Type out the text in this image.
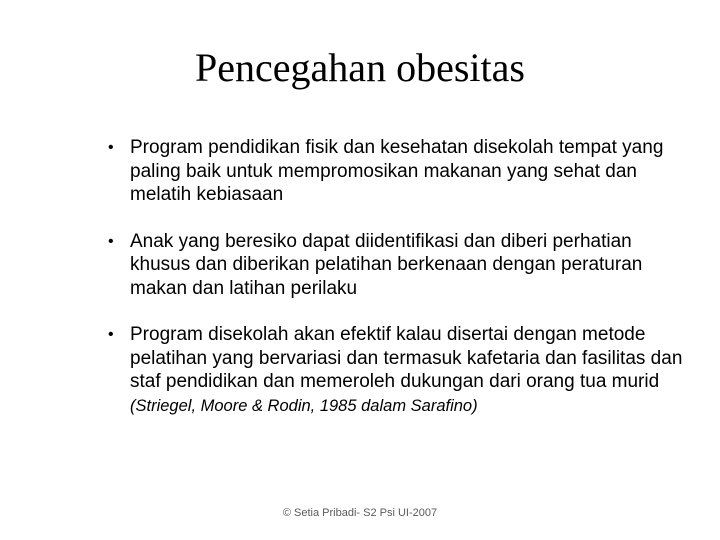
Pencegahan obesitas
• Program pendidikan fisik dan kesehatan disekolah tempat yang paling baik untuk mempromosikan makanan yang sehat dan melatih kebiasaan
• Anak yang beresiko dapat diidentifikasi dan diberi perhatian khusus dan diberikan pelatihan berkenaan dengan peraturan makan dan latihan perilaku
• Program disekolah akan efektif kalau disertai dengan metode pelatihan yang bervariasi dan termasuk kafetaria dan fasilitas dan staf pendidikan dan memeroleh dukungan dari orang tua murid (Striegel, Moore & Rodin, 1985 dalam Sarafino)
© Setia Pribadi- S2 Psi UI-2007
